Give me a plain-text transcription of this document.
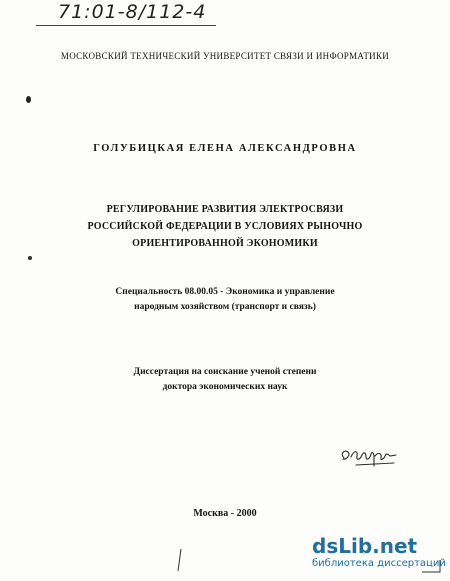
71:01-8/112-4
МОСКОВСКИЙ ТЕХНИЧЕСКИЙ УНИВЕРСИТЕТ СВЯЗИ И ИНФОРМАТИКИ
ГОЛУБИЦКАЯ ЕЛЕНА АЛЕКСАНДРОВНА
РЕГУЛИРОВАНИЕ РАЗВИТИЯ ЭЛЕКТРОСВЯЗИ
РОССИЙСКОЙ ФЕДЕРАЦИИ В УСЛОВИЯХ РЫНОЧНО
ОРИЕНТИРОВАННОЙ ЭКОНОМИКИ
Специальность 08.00.05 - Экономика и управление
народным хозяйством (транспорт и связь)
Диссертация на соискание ученой степени
доктора экономических наук
Москва - 2000
dsLib.net
библиотека диссертаций
